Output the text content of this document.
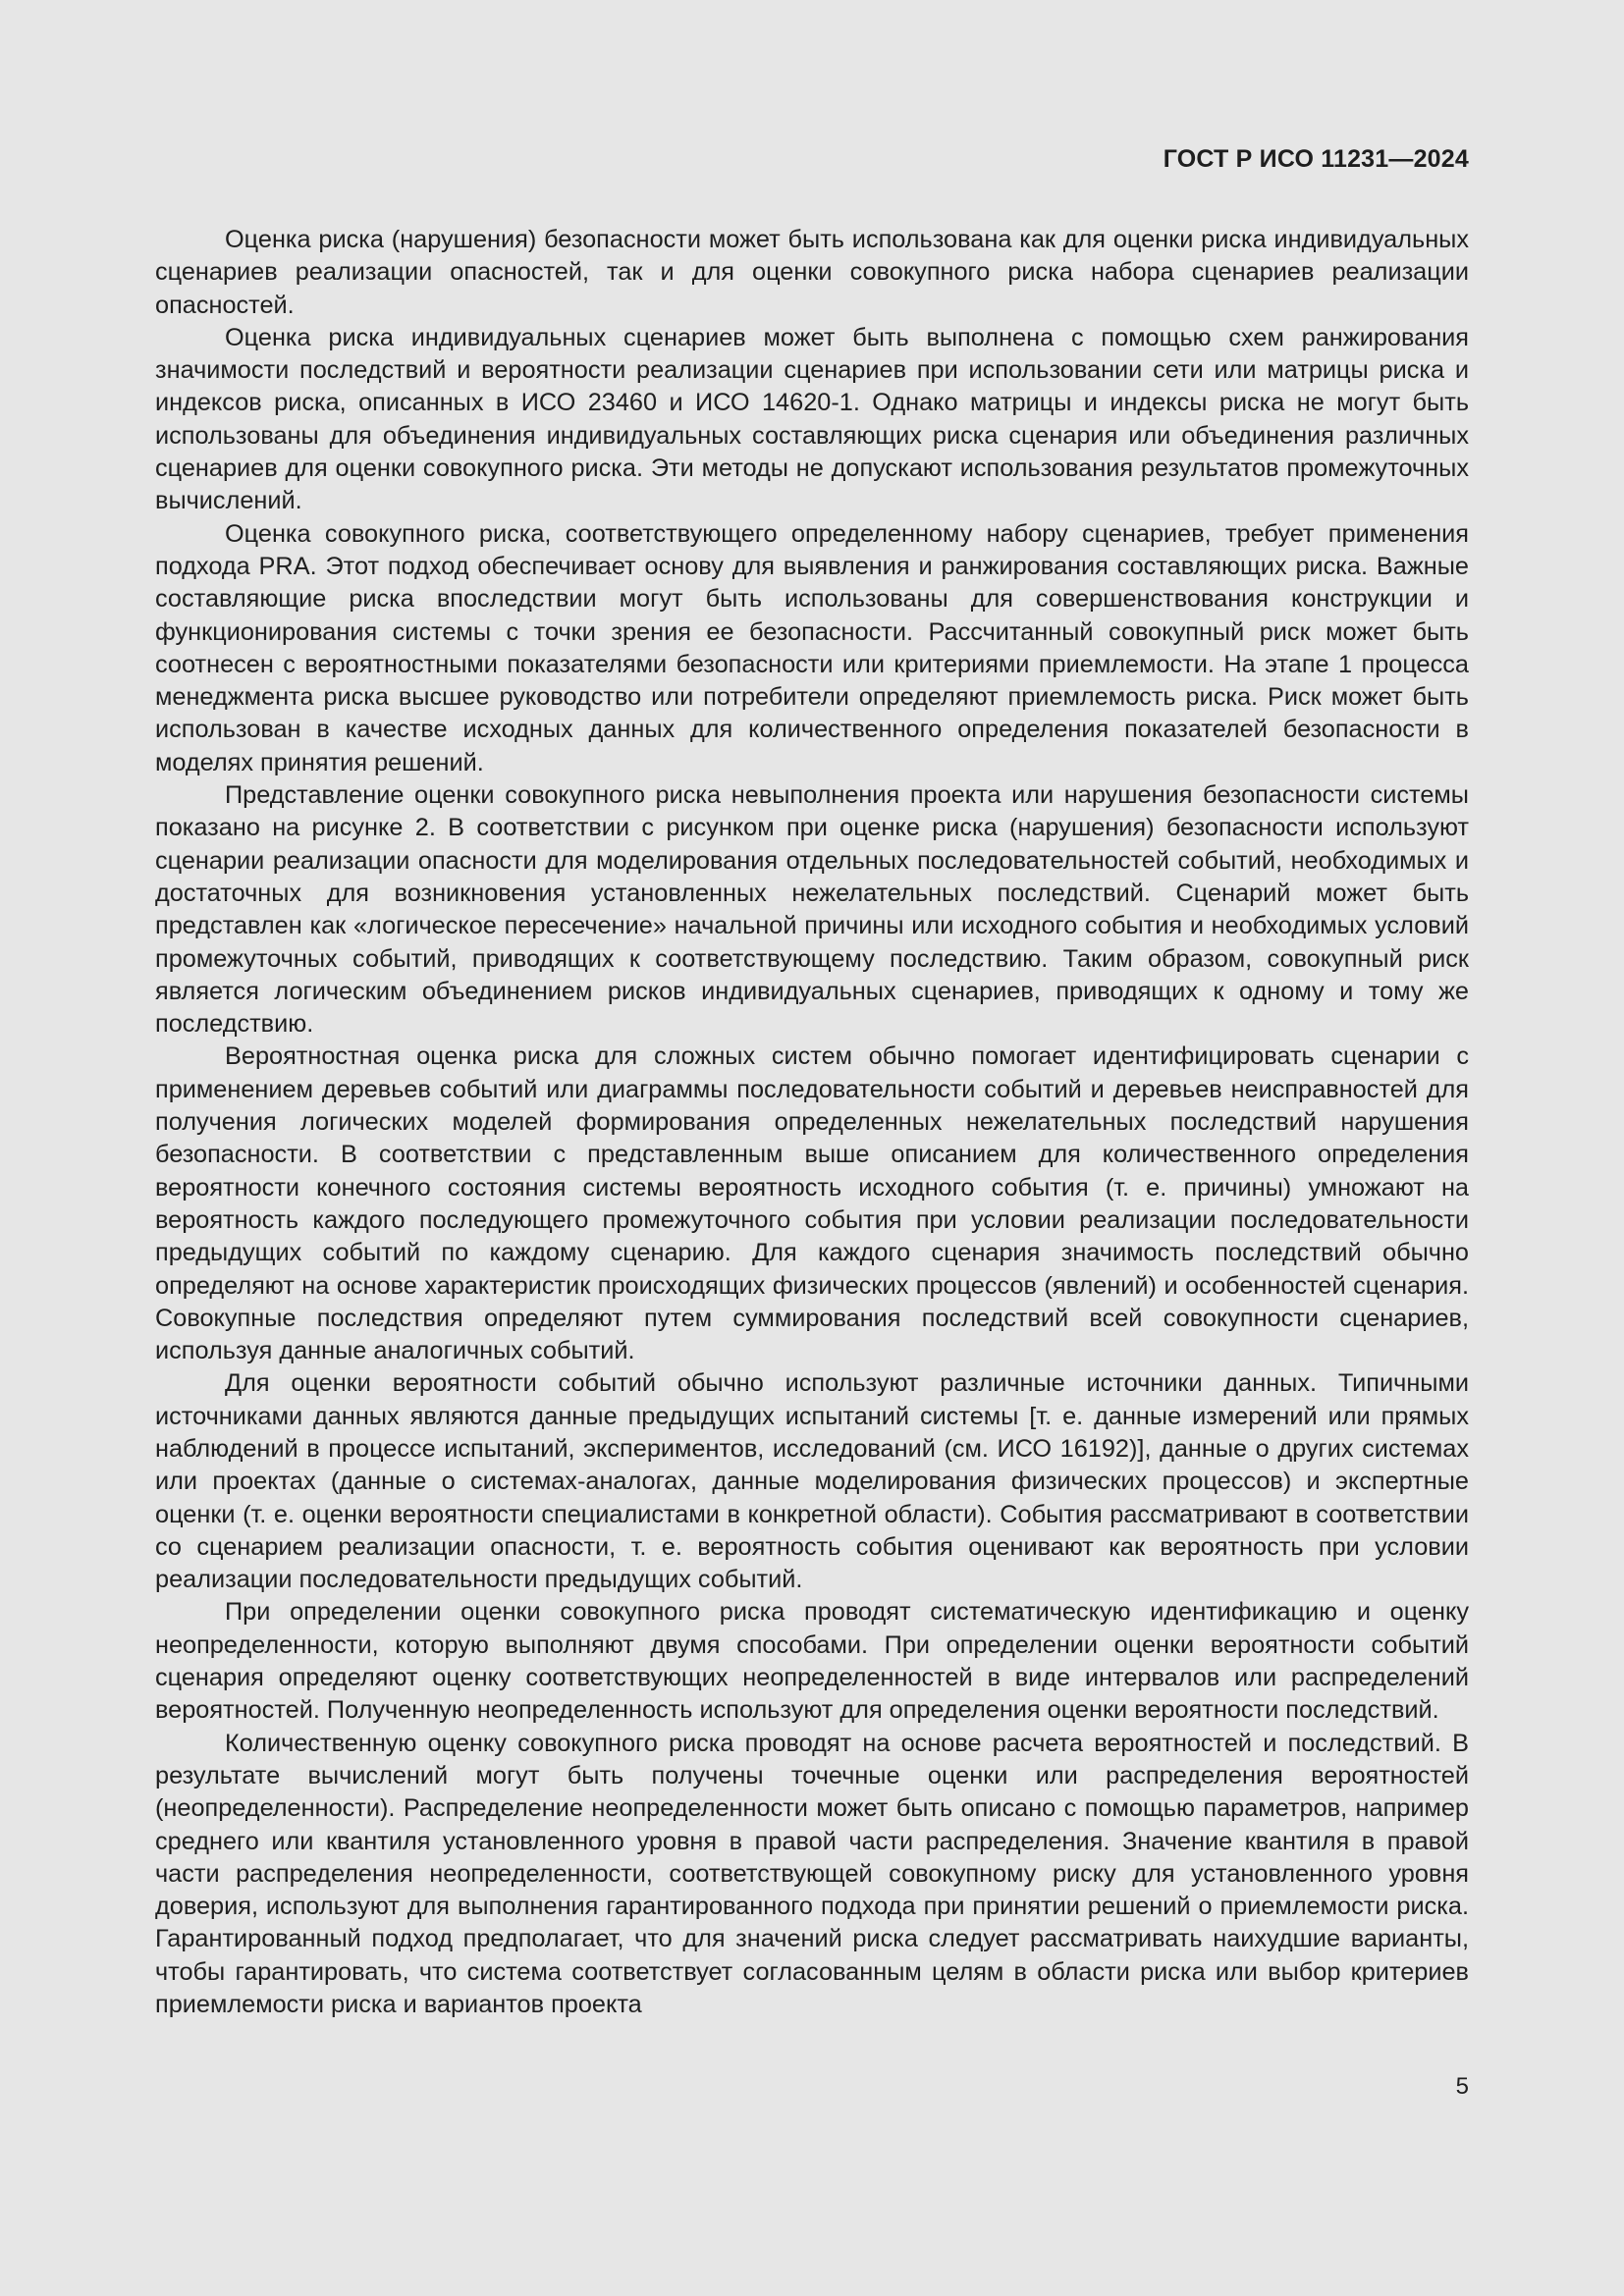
ГОСТ Р ИСО 11231—2024

Оценка риска (нарушения) безопасности может быть использована как для оценки риска индивидуальных сценариев реализации опасностей, так и для оценки совокупного риска набора сценариев реализации опасностей.

Оценка риска индивидуальных сценариев может быть выполнена с помощью схем ранжирования значимости последствий и вероятности реализации сценариев при использовании сети или матрицы риска и индексов риска, описанных в ИСО 23460 и ИСО 14620-1. Однако матрицы и индексы риска не могут быть использованы для объединения индивидуальных составляющих риска сценария или объединения различных сценариев для оценки совокупного риска. Эти методы не допускают использования результатов промежуточных вычислений.

Оценка совокупного риска, соответствующего определенному набору сценариев, требует применения подхода PRA. Этот подход обеспечивает основу для выявления и ранжирования составляющих риска. Важные составляющие риска впоследствии могут быть использованы для совершенствования конструкции и функционирования системы с точки зрения ее безопасности. Рассчитанный совокупный риск может быть соотнесен с вероятностными показателями безопасности или критериями приемлемости. На этапе 1 процесса менеджмента риска высшее руководство или потребители определяют приемлемость риска. Риск может быть использован в качестве исходных данных для количественного определения показателей безопасности в моделях принятия решений.

Представление оценки совокупного риска невыполнения проекта или нарушения безопасности системы показано на рисунке 2. В соответствии с рисунком при оценке риска (нарушения) безопасности используют сценарии реализации опасности для моделирования отдельных последовательностей событий, необходимых и достаточных для возникновения установленных нежелательных последствий. Сценарий может быть представлен как «логическое пересечение» начальной причины или исходного события и необходимых условий промежуточных событий, приводящих к соответствующему последствию. Таким образом, совокупный риск является логическим объединением рисков индивидуальных сценариев, приводящих к одному и тому же последствию.

Вероятностная оценка риска для сложных систем обычно помогает идентифицировать сценарии с применением деревьев событий или диаграммы последовательности событий и деревьев неисправностей для получения логических моделей формирования определенных нежелательных последствий нарушения безопасности. В соответствии с представленным выше описанием для количественного определения вероятности конечного состояния системы вероятность исходного события (т. е. причины) умножают на вероятность каждого последующего промежуточного события при условии реализации последовательности предыдущих событий по каждому сценарию. Для каждого сценария значимость последствий обычно определяют на основе характеристик происходящих физических процессов (явлений) и особенностей сценария. Совокупные последствия определяют путем суммирования последствий всей совокупности сценариев, используя данные аналогичных событий.

Для оценки вероятности событий обычно используют различные источники данных. Типичными источниками данных являются данные предыдущих испытаний системы [т. е. данные измерений или прямых наблюдений в процессе испытаний, экспериментов, исследований (см. ИСО 16192)], данные о других системах или проектах (данные о системах-аналогах, данные моделирования физических процессов) и экспертные оценки (т. е. оценки вероятности специалистами в конкретной области). События рассматривают в соответствии со сценарием реализации опасности, т. е. вероятность события оценивают как вероятность при условии реализации последовательности предыдущих событий.

При определении оценки совокупного риска проводят систематическую идентификацию и оценку неопределенности, которую выполняют двумя способами. При определении оценки вероятности событий сценария определяют оценку соответствующих неопределенностей в виде интервалов или распределений вероятностей. Полученную неопределенность используют для определения оценки вероятности последствий.

Количественную оценку совокупного риска проводят на основе расчета вероятностей и последствий. В результате вычислений могут быть получены точечные оценки или распределения вероятностей (неопределенности). Распределение неопределенности может быть описано с помощью параметров, например среднего или квантиля установленного уровня в правой части распределения. Значение квантиля в правой части распределения неопределенности, соответствующей совокупному риску для установленного уровня доверия, используют для выполнения гарантированного подхода при принятии решений о приемлемости риска. Гарантированный подход предполагает, что для значений риска следует рассматривать наихудшие варианты, чтобы гарантировать, что система соответствует согласованным целям в области риска или выбор критериев приемлемости риска и вариантов проекта

5
